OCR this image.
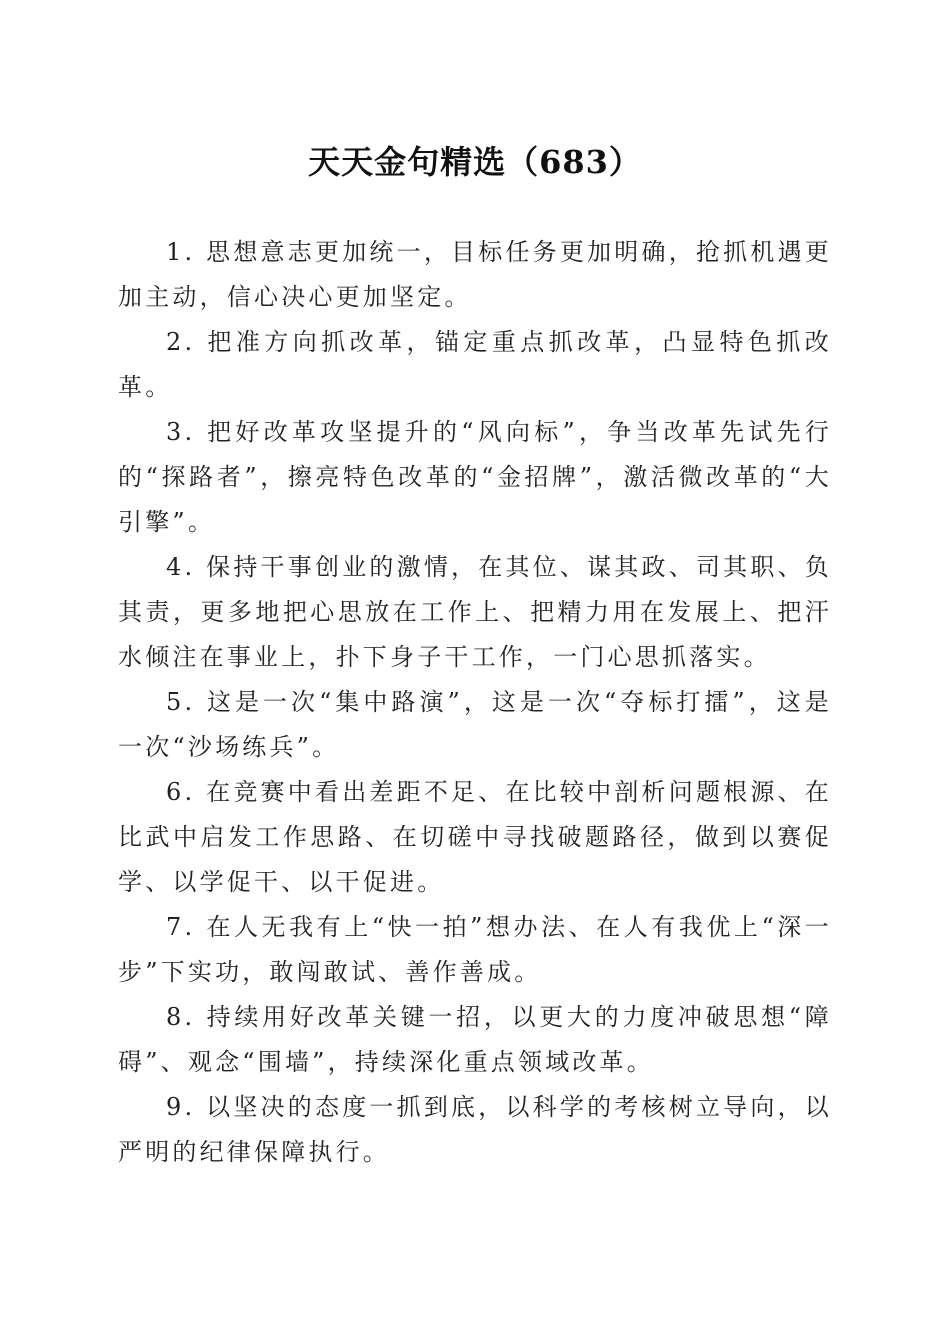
天天金句精选（683）

1. 思想意志更加统一，目标任务更加明确，抢抓机遇更加主动，信心决心更加坚定。

2. 把准方向抓改革，锚定重点抓改革，凸显特色抓改革。

3. 把好改革攻坚提升的“风向标”，争当改革先试先行的“探路者”，擦亮特色改革的“金招牌”，激活微改革的“大引擎”。

4. 保持干事创业的激情，在其位、谋其政、司其职、负其责，更多地把心思放在工作上、把精力用在发展上、把汗水倾注在事业上，扑下身子干工作，一门心思抓落实。

5. 这是一次“集中路演”，这是一次“夺标打擂”，这是一次“沙场练兵”。

6. 在竞赛中看出差距不足、在比较中剖析问题根源、在比武中启发工作思路、在切磋中寻找破题路径，做到以赛促学、以学促干、以干促进。

7. 在人无我有上“快一拍”想办法、在人有我优上“深一步”下实功，敢闯敢试、善作善成。

8. 持续用好改革关键一招，以更大的力度冲破思想“障碍”、观念“围墙”，持续深化重点领域改革。

9. 以坚决的态度一抓到底，以科学的考核树立导向，以严明的纪律保障执行。
